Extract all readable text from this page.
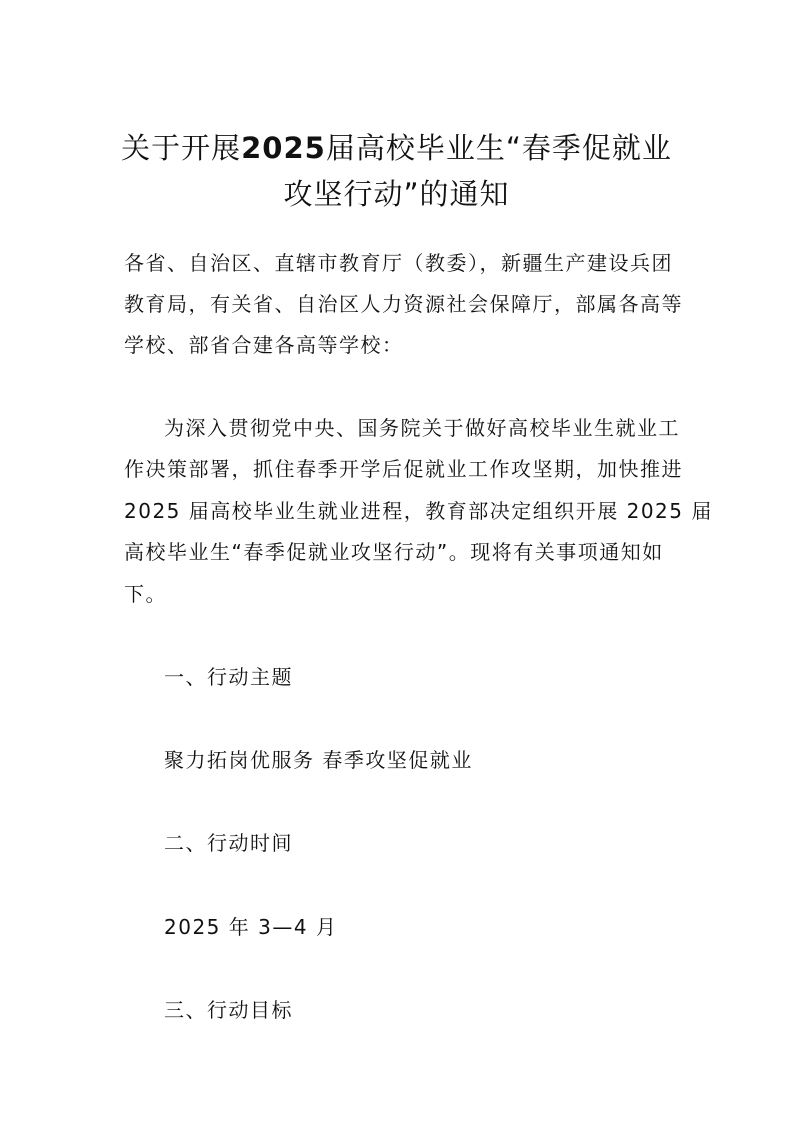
关于开展2025届高校毕业生“春季促就业
攻坚行动”的通知
各省、自治区、直辖市教育厅（教委），新疆生产建设兵团
教育局，有关省、自治区人力资源社会保障厅，部属各高等
学校、部省合建各高等学校：
为深入贯彻党中央、国务院关于做好高校毕业生就业工
作决策部署，抓住春季开学后促就业工作攻坚期，加快推进
2025 届高校毕业生就业进程，教育部决定组织开展 2025 届
高校毕业生“春季促就业攻坚行动”。现将有关事项通知如
下。
一、行动主题
聚力拓岗优服务 春季攻坚促就业
二、行动时间
2025 年 3—4 月
三、行动目标
